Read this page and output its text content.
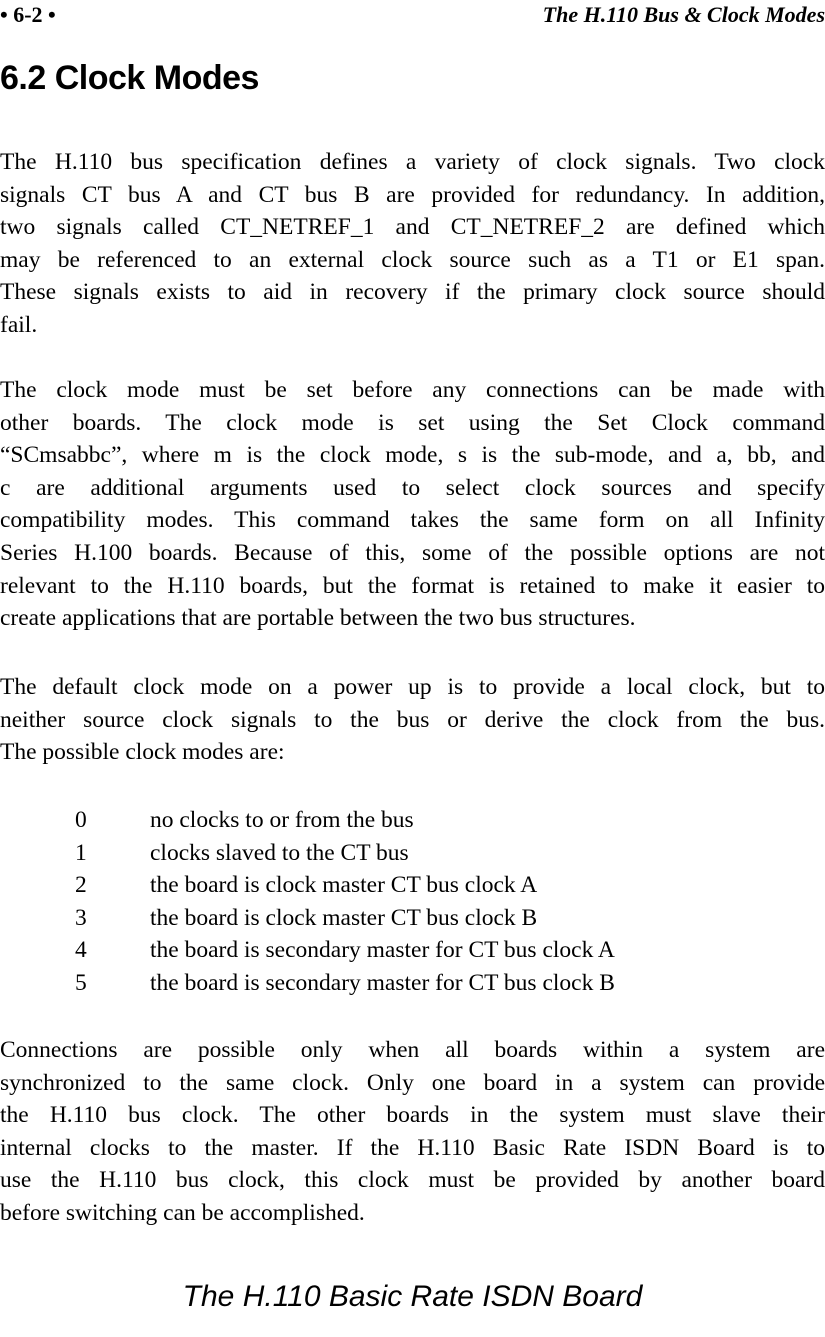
• 6-2 •	The H.110 Bus & Clock Modes
6.2 Clock Modes
The H.110 bus specification defines a variety of clock signals. Two clock
signals CT bus A and CT bus B are provided for redundancy. In addition,
two signals called CT_NETREF_1 and CT_NETREF_2 are defined which
may be referenced to an external clock source such as a T1 or E1 span.
These signals exists to aid in recovery if the primary clock source should
fail.
The clock mode must be set before any connections can be made with
other boards. The clock mode is set using the Set Clock command
“SCmsabbc”, where m is the clock mode, s is the sub-mode, and a, bb, and
c are additional arguments used to select clock sources and specify
compatibility modes. This command takes the same form on all Infinity
Series H.100 boards. Because of this, some of the possible options are not
relevant to the H.110 boards, but the format is retained to make it easier to
create applications that are portable between the two bus structures.
The default clock mode on a power up is to provide a local clock, but to
neither source clock signals to the bus or derive the clock from the bus.
The possible clock modes are:
0	no clocks to or from the bus
1	clocks slaved to the CT bus
2	the board is clock master CT bus clock A
3	the board is clock master CT bus clock B
4	the board is secondary master for CT bus clock A
5	the board is secondary master for CT bus clock B
Connections are possible only when all boards within a system are
synchronized to the same clock. Only one board in a system can provide
the H.110 bus clock. The other boards in the system must slave their
internal clocks to the master. If the H.110 Basic Rate ISDN Board is to
use the H.110 bus clock, this clock must be provided by another board
before switching can be accomplished.
The H.110 Basic Rate ISDN Board
